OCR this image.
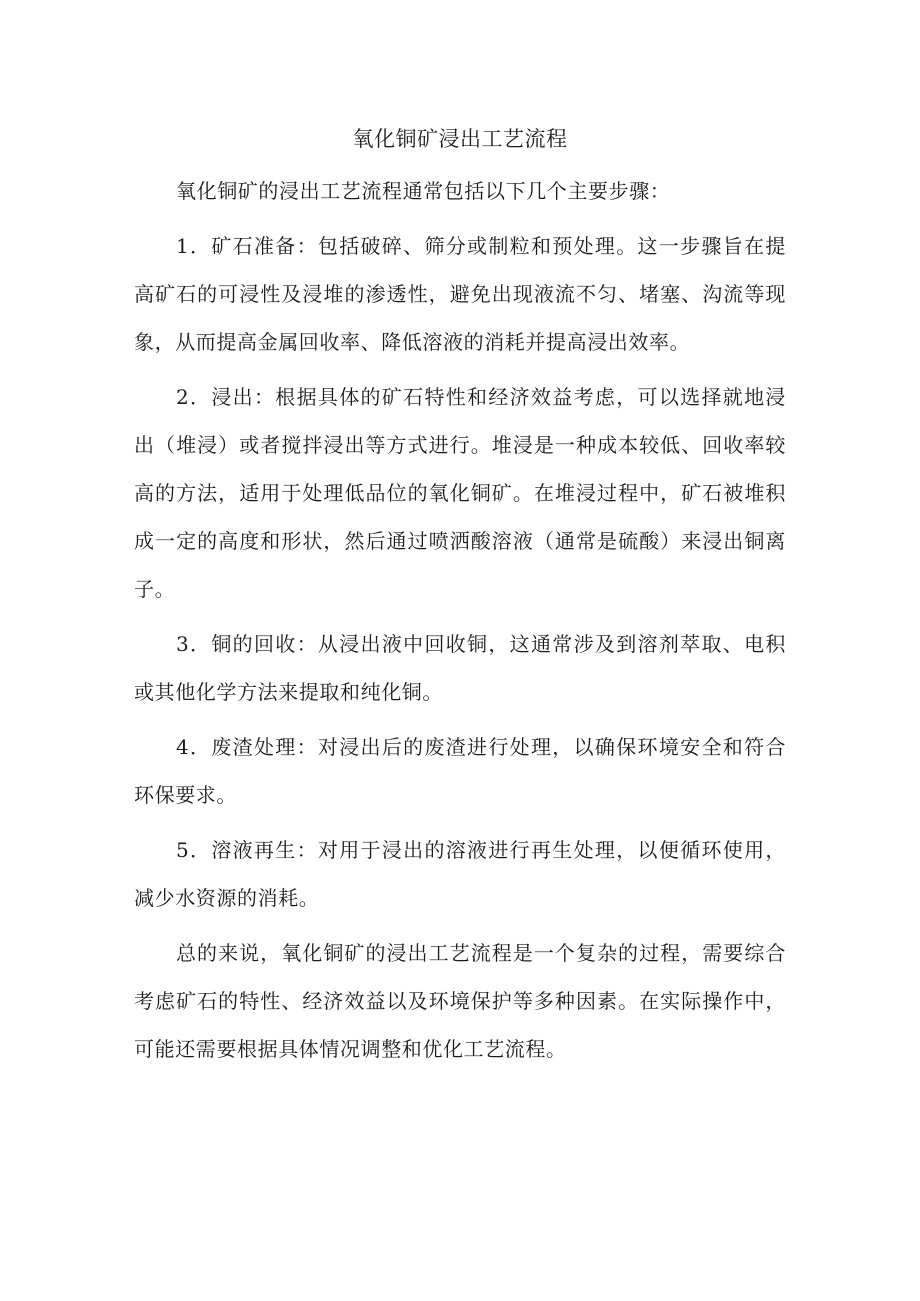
氧化铜矿浸出工艺流程

氧化铜矿的浸出工艺流程通常包括以下几个主要步骤：

1．矿石准备：包括破碎、筛分或制粒和预处理。这一步骤旨在提高矿石的可浸性及浸堆的渗透性，避免出现液流不匀、堵塞、沟流等现象，从而提高金属回收率、降低溶液的消耗并提高浸出效率。

2．浸出：根据具体的矿石特性和经济效益考虑，可以选择就地浸出（堆浸）或者搅拌浸出等方式进行。堆浸是一种成本较低、回收率较高的方法，适用于处理低品位的氧化铜矿。在堆浸过程中，矿石被堆积成一定的高度和形状，然后通过喷洒酸溶液（通常是硫酸）来浸出铜离子。

3．铜的回收：从浸出液中回收铜，这通常涉及到溶剂萃取、电积或其他化学方法来提取和纯化铜。

4．废渣处理：对浸出后的废渣进行处理，以确保环境安全和符合环保要求。

5．溶液再生：对用于浸出的溶液进行再生处理，以便循环使用，减少水资源的消耗。

总的来说，氧化铜矿的浸出工艺流程是一个复杂的过程，需要综合考虑矿石的特性、经济效益以及环境保护等多种因素。在实际操作中，可能还需要根据具体情况调整和优化工艺流程。
